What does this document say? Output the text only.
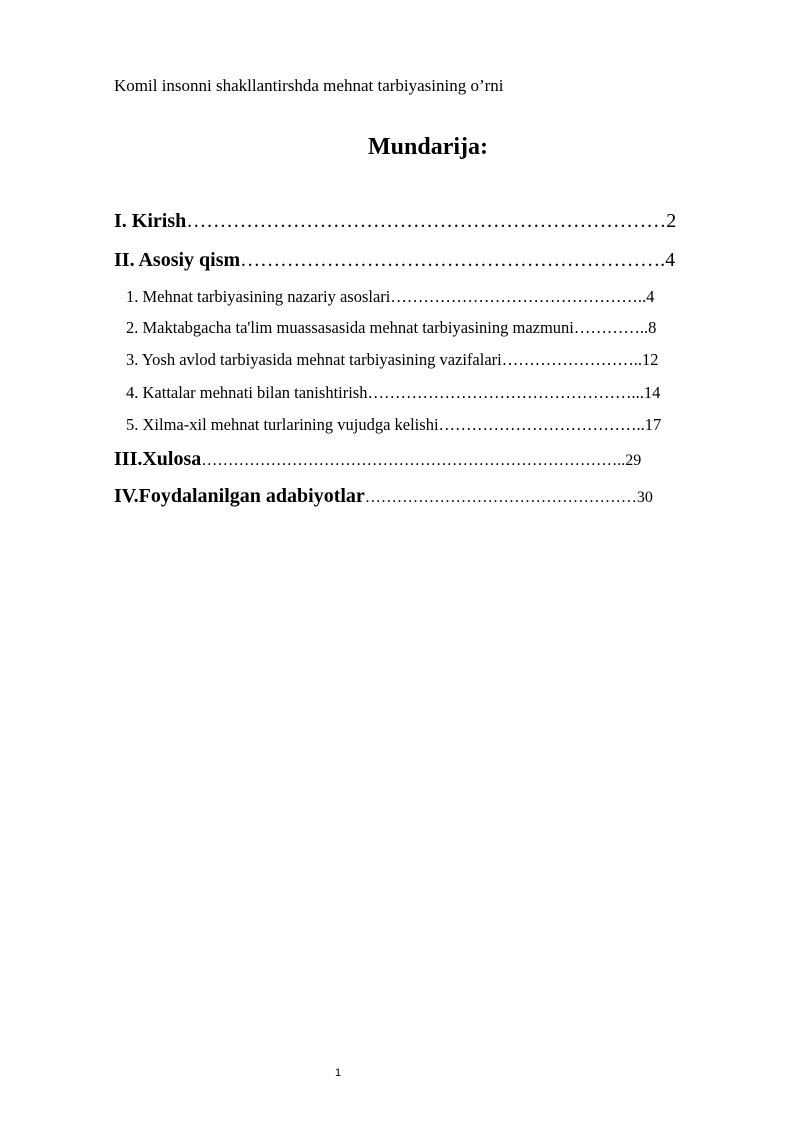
Komil insonni shakllantirshda mehnat tarbiyasining o’rni
Mundarija:
I. Kirish………………………………………………………………2
II. Asosiy qism……………………………………………………….4
1. Mehnat tarbiyasining nazariy asoslari………………………………………..4
2. Maktabgacha ta'lim muassasasida mehnat tarbiyasining mazmuni…………..8
3. Yosh avlod tarbiyasida mehnat tarbiyasining vazifalari……………………..12
4. Kattalar mehnati bilan tanishtirish…………………………………………...14
5. Xilma-xil mehnat turlarining vujudga kelishi………………………………..17
III.Xulosa……………………………………………………………………..29
IV.Foydalanilgan adabiyotlar……………………………………………30
1
